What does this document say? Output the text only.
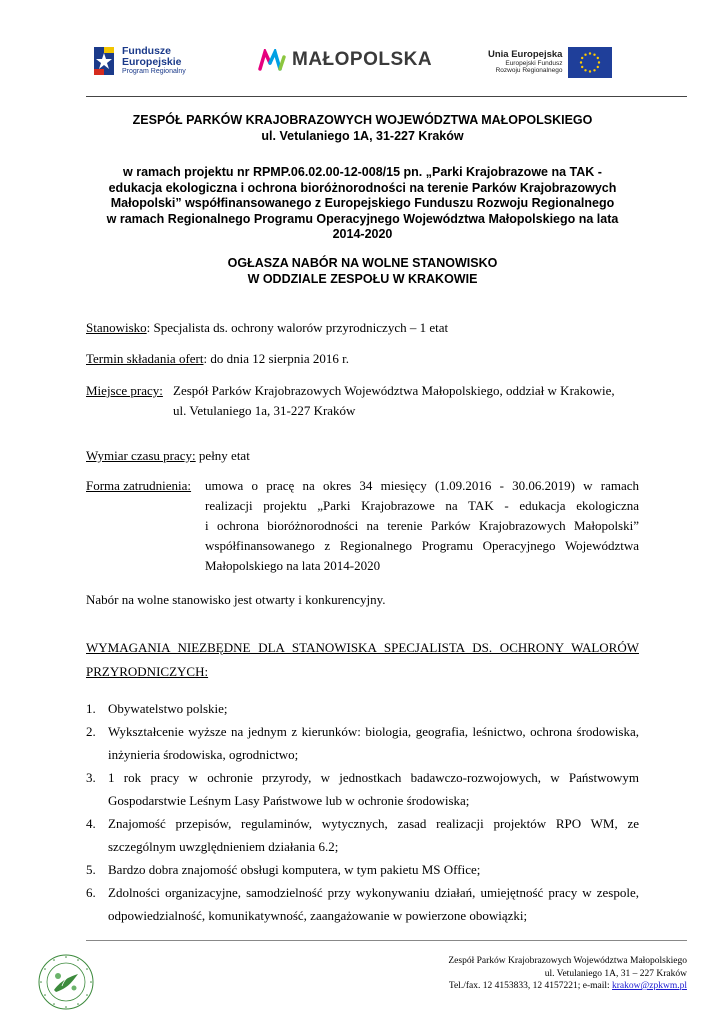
Fundusze
Europejskie
Program Regionalny
MAŁOPOLSKA	Unia Europejska
Europejski Fundusz
Rozwoju Regionalnego
ZESPÓŁ PARKÓW KRAJOBRAZOWYCH WOJEWÓDZTWA MAŁOPOLSKIEGO
ul. Vetulaniego 1A, 31-227 Kraków
w ramach projektu nr RPMP.06.02.00-12-008/15 pn. „Parki Krajobrazowe na TAK -
edukacja ekologiczna i ochrona bioróżnorodności na terenie Parków Krajobrazowych
Małopolski” współfinansowanego z Europejskiego Funduszu Rozwoju Regionalnego
w ramach Regionalnego Programu Operacyjnego Województwa Małopolskiego na lata
2014-2020
OGŁASZA NABÓR NA WOLNE STANOWISKO
W ODDZIALE ZESPOŁU W KRAKOWIE
Stanowisko: Specjalista ds. ochrony walorów przyrodniczych – 1 etat
Termin składania ofert: do dnia 12 sierpnia 2016 r.
Miejsce pracy: Zespół Parków Krajobrazowych Województwa Małopolskiego, oddział w Krakowie,
ul. Vetulaniego 1a, 31-227 Kraków
Wymiar czasu pracy: pełny etat
Forma zatrudnienia:	umowa o pracę na okres 34 miesięcy (1.09.2016 - 30.06.2019) w ramach
realizacji projektu „Parki Krajobrazowe na TAK - edukacja ekologiczna
i ochrona bioróżnorodności na terenie Parków Krajobrazowych Małopolski”
współfinansowanego z Regionalnego Programu Operacyjnego Województwa
Małopolskiego na lata 2014-2020
Nabór na wolne stanowisko jest otwarty i konkurencyjny.
WYMAGANIA NIEZBĘDNE DLA STANOWISKA SPECJALISTA DS. OCHRONY WALORÓW
PRZYRODNICZYCH:
1. Obywatelstwo polskie;
2. Wykształcenie wyższe na jednym z kierunków: biologia, geografia, leśnictwo, ochrona środowiska, inżynieria środowiska, ogrodnictwo;
3. 1 rok pracy w ochronie przyrody, w jednostkach badawczo-rozwojowych, w Państwowym Gospodarstwie Leśnym Lasy Państwowe lub w ochronie środowiska;
4. Znajomość przepisów, regulaminów, wytycznych, zasad realizacji projektów RPO WM, ze szczególnym uwzględnieniem działania 6.2;
5. Bardzo dobra znajomość obsługi komputera, w tym pakietu MS Office;
6. Zdolności organizacyjne, samodzielność przy wykonywaniu działań, umiejętność pracy w zespole, odpowiedzialność, komunikatywność, zaangażowanie w powierzone obowiązki;
Zespół Parków Krajobrazowych Województwa Małopolskiego
ul. Vetulaniego 1A, 31 – 227 Kraków
Tel./fax. 12 4153833, 12 4157221; e-mail: krakow@zpkwm.pl
